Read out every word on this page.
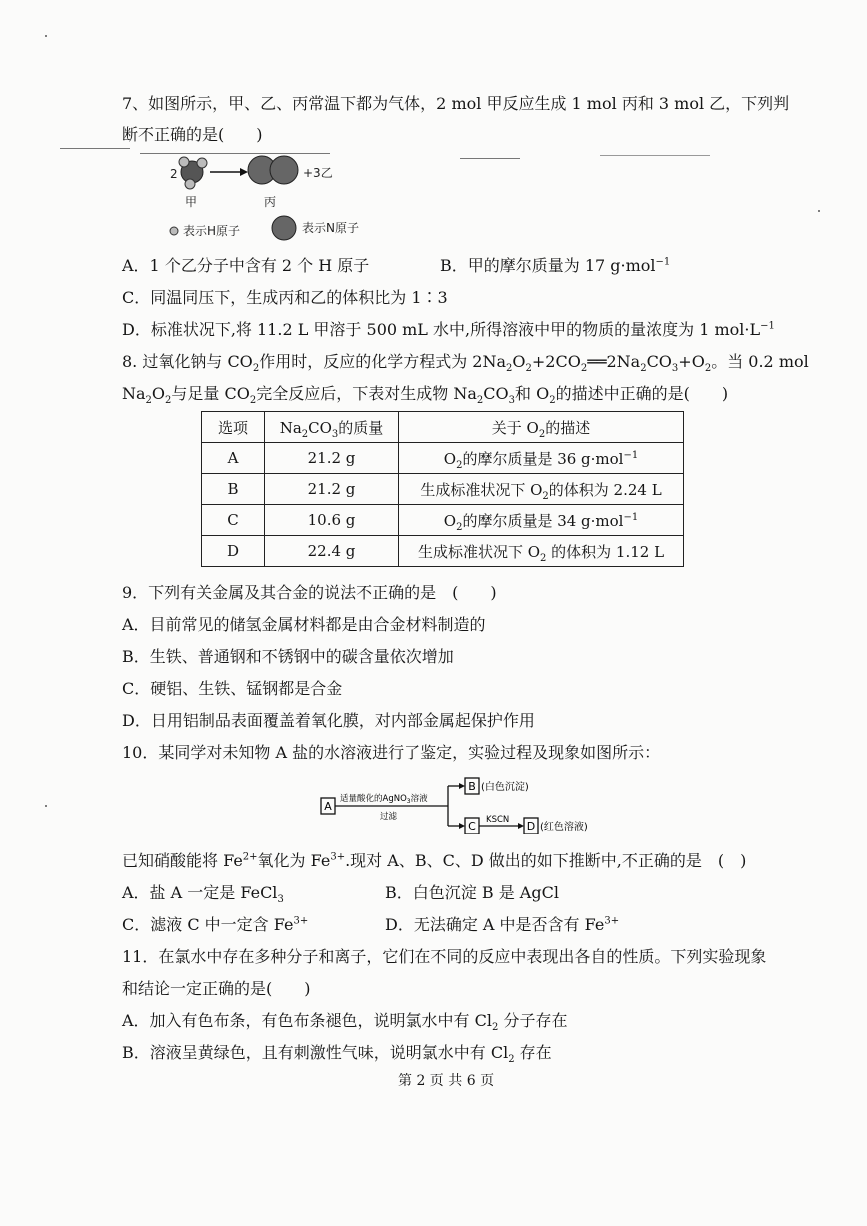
7、如图所示，甲、乙、丙常温下都为气体，2 mol 甲反应生成 1 mol 丙和 3 mol 乙，下列判
断不正确的是(　　)
2	+3乙
甲	丙
表示H原子	表示N原子
A．1 个乙分子中含有 2 个 H 原子	B．甲的摩尔质量为 17 g·mol$^{-1}$
C．同温同压下，生成丙和乙的体积比为 1∶3
D．标准状况下,将 11.2 L 甲溶于 500 mL 水中,所得溶液中甲的物质的量浓度为 1 $mol\cdot L^{-1}$
8. 过氧化钠与 $CO_2$作用时，反应的化学方程式为 $2Na_2O_2+2CO_2══2Na_2CO_3+O_2$。当 0.2 mol
$Na_2O_2$与足量 $CO_2$完全反应后，下表对生成物 $Na_2CO_3$和 $O_2$的描述中正确的是(　　)
选项	$Na_2CO_3$的质量	关于 $O_2$的描述
A	21.2 g	$O_2$的摩尔质量是 36 g·mol$^{-1}$
B	21.2 g	生成标准状况下 $O_2$的体积为 2.24 L
C	10.6 g	$O_2$的摩尔质量是 34 g·mol$^{-1}$
D	22.4 g	生成标准状况下 $O_2$ 的体积为 1.12 L
9．下列有关金属及其合金的说法不正确的是　(　　)
A．目前常见的储氢金属材料都是由合金材料制造的
B．生铁、普通钢和不锈钢中的碳含量依次增加
C．硬铝、生铁、锰钢都是合金
D．日用铝制品表面覆盖着氧化膜，对内部金属起保护作用
10．某同学对未知物 A 盐的水溶液进行了鉴定，实验过程及现象如图所示：
A
适量酸化的AgNO$_3$溶液
过滤
B (白色沉淀)
C KSCN D (红色溶液)
已知硝酸能将 $Fe^{2+}$氧化为 $Fe^{3+}$.现对 A、B、C、D 做出的如下推断中,不正确的是　(　)
A．盐 A 一定是 FeCl$_3$	B．白色沉淀 B 是 AgCl
C．滤液 C 中一定含 $Fe^{3+}$	D．无法确定 A 中是否含有 $Fe^{3+}$
11．在氯水中存在多种分子和离子，它们在不同的反应中表现出各自的性质。下列实验现象
和结论一定正确的是(　　)
A．加入有色布条，有色布条褪色，说明氯水中有 $Cl_2$ 分子存在
B．溶液呈黄绿色，且有刺激性气味，说明氯水中有 $Cl_2$ 存在
第 2 页 共 6 页
